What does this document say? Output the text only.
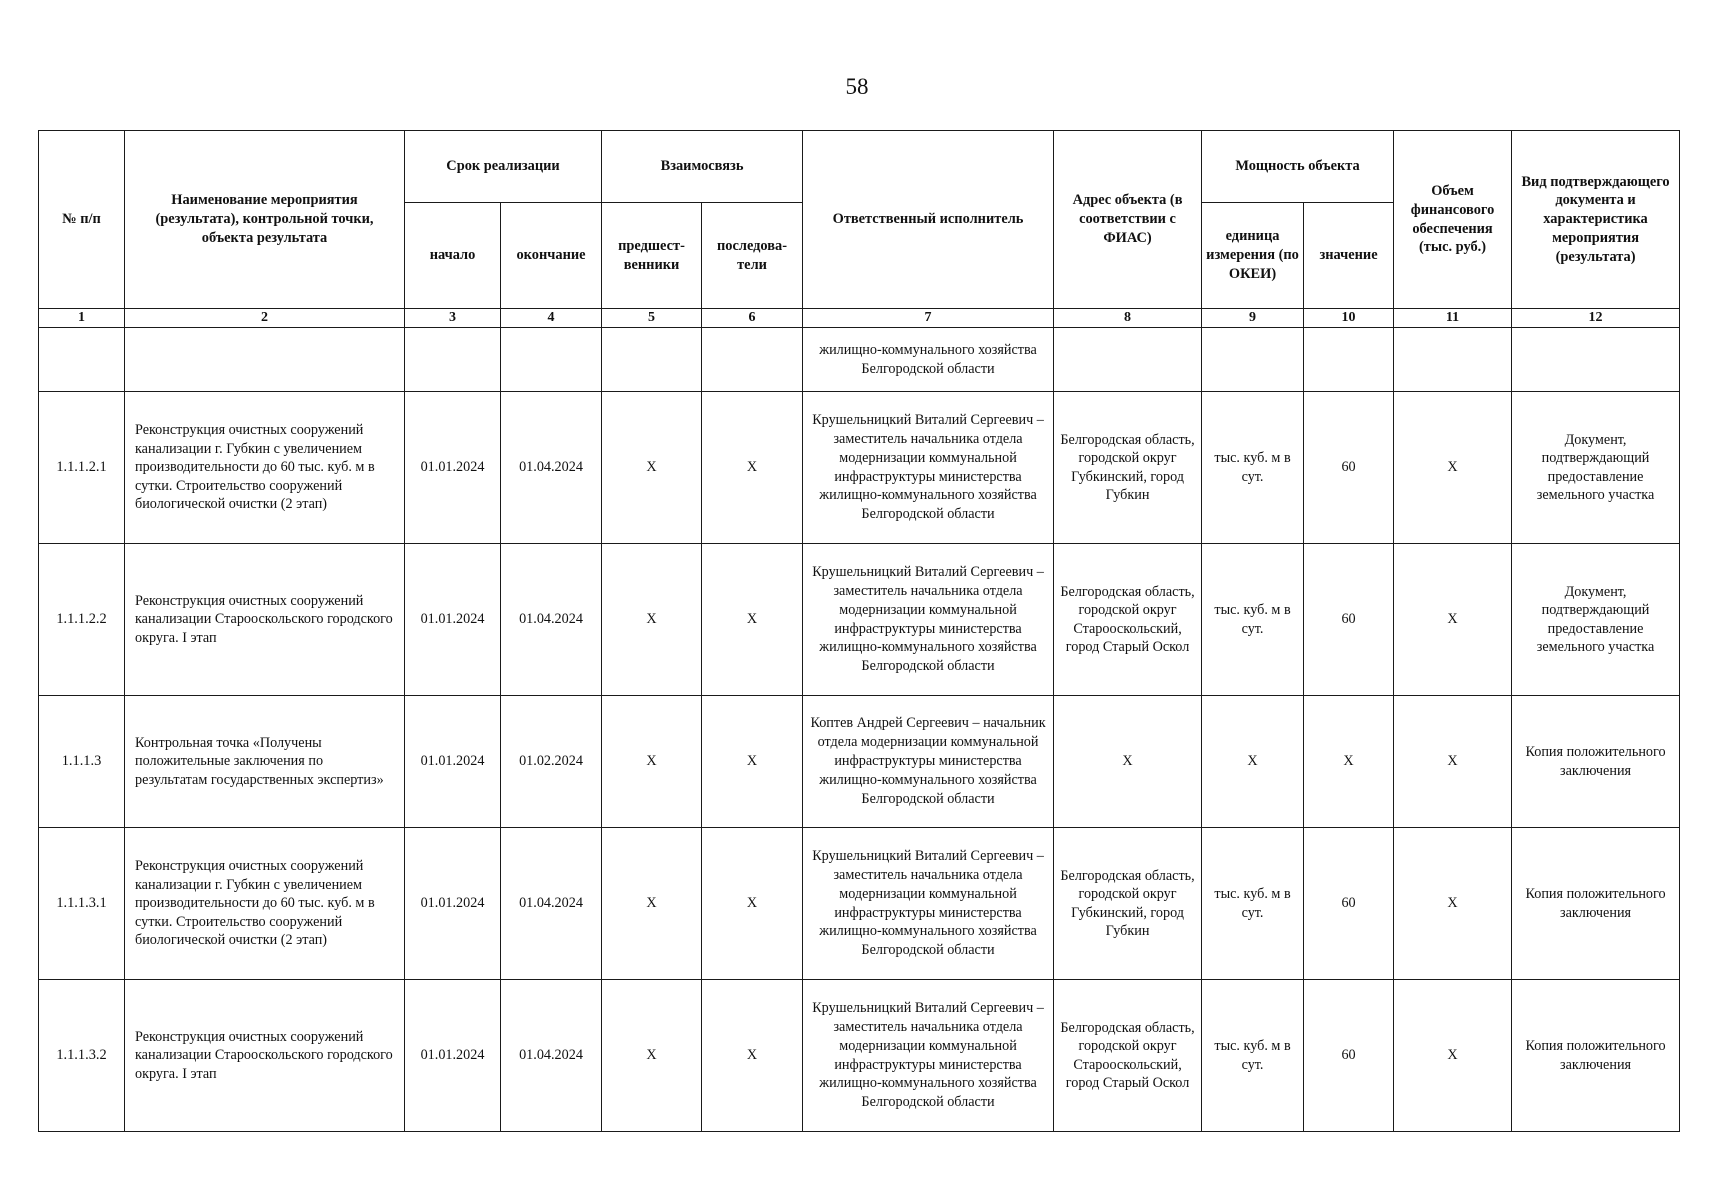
58
№ п/п	Наименование мероприятия (результата), контрольной точки, объекта результата	Срок реализации		Взаимосвязь		Ответственный исполнитель	Адрес объекта (в соответствии с ФИАС)	Мощность объекта		Объем финансового обеспечения (тыс. руб.)	Вид подтверждающего документа и характеристика мероприятия (результата)
		начало	окончание	предшест-венники	последова-тели			единица измерения (по ОКЕИ)	значение		
1	2	3	4	5	6	7	8	9	10	11	12
						жилищно-коммунального хозяйства Белгородской области					
1.1.1.2.1	Реконструкция очистных сооружений канализации г. Губкин с увеличением производительности до 60 тыс. куб. м в сутки. Строительство сооружений биологической очистки (2 этап)	01.01.2024	01.04.2024	X	X	Крушельницкий Виталий Сергеевич – заместитель начальника отдела модернизации коммунальной инфраструктуры министерства жилищно-коммунального хозяйства Белгородской области	Белгородская область, городской округ Губкинский, город Губкин	тыс. куб. м в сут.	60	X	Документ, подтверждающий предоставление земельного участка
1.1.1.2.2	Реконструкция очистных сооружений канализации Старооскольского городского округа. I этап	01.01.2024	01.04.2024	X	X	Крушельницкий Виталий Сергеевич – заместитель начальника отдела модернизации коммунальной инфраструктуры министерства жилищно-коммунального хозяйства Белгородской области	Белгородская область, городской округ Старооскольский, город Старый Оскол	тыс. куб. м в сут.	60	X	Документ, подтверждающий предоставление земельного участка
1.1.1.3	Контрольная точка «Получены положительные заключения по результатам государственных экспертиз»	01.01.2024	01.02.2024	X	X	Коптев Андрей Сергеевич – начальник отдела модернизации коммунальной инфраструктуры министерства жилищно-коммунального хозяйства Белгородской области	X	X	X	X	Копия положительного заключения
1.1.1.3.1	Реконструкция очистных сооружений канализации г. Губкин с увеличением производительности до 60 тыс. куб. м в сутки. Строительство сооружений биологической очистки (2 этап)	01.01.2024	01.04.2024	X	X	Крушельницкий Виталий Сергеевич – заместитель начальника отдела модернизации коммунальной инфраструктуры министерства жилищно-коммунального хозяйства Белгородской области	Белгородская область, городской округ Губкинский, город Губкин	тыс. куб. м в сут.	60	X	Копия положительного заключения
1.1.1.3.2	Реконструкция очистных сооружений канализации Старооскольского городского округа. I этап	01.01.2024	01.04.2024	X	X	Крушельницкий Виталий Сергеевич – заместитель начальника отдела модернизации коммунальной инфраструктуры министерства жилищно-коммунального хозяйства Белгородской области	Белгородская область, городской округ Старооскольский, город Старый Оскол	тыс. куб. м в сут.	60	X	Копия положительного заключения
